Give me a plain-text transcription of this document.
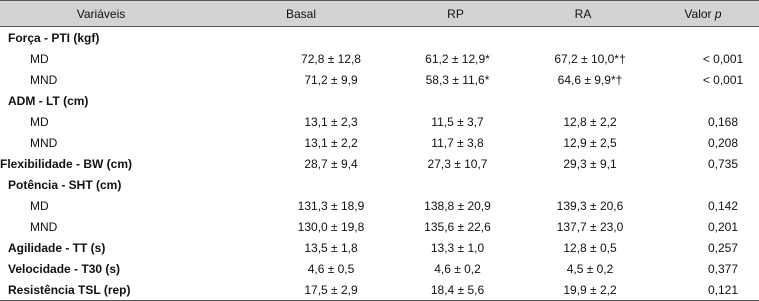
Variáveis	Basal	RP	RA	Valor p
Força - PTI (kgf)				
MD	72,8 ± 12,8	61,2 ± 12,9*	67,2 ± 10,0*†	< 0,001
MND	71,2 ± 9,9	58,3 ± 11,6*	64,6 ± 9,9*†	< 0,001
ADM - LT (cm)				
MD	13,1 ± 2,3	11,5 ± 3,7	12,8 ± 2,2	0,168
MND	13,1 ± 2,2	11,7 ± 3,8	12,9 ± 2,5	0,208
Flexibilidade - BW (cm)	28,7 ± 9,4	27,3 ± 10,7	29,3 ± 9,1	0,735
Potência - SHT (cm)				
MD	131,3 ± 18,9	138,8 ± 20,9	139,3 ± 20,6	0,142
MND	130,0 ± 19,8	135,6 ± 22,6	137,7 ± 23,0	0,201
Agilidade - TT (s)	13,5 ± 1,8	13,3 ± 1,0	12,8 ± 0,5	0,257
Velocidade - T30 (s)	4,6 ± 0,5	4,6 ± 0,2	4,5 ± 0,2	0,377
Resistência TSL (rep)	17,5 ± 2,9	18,4 ± 5,6	19,9 ± 2,2	0,121
